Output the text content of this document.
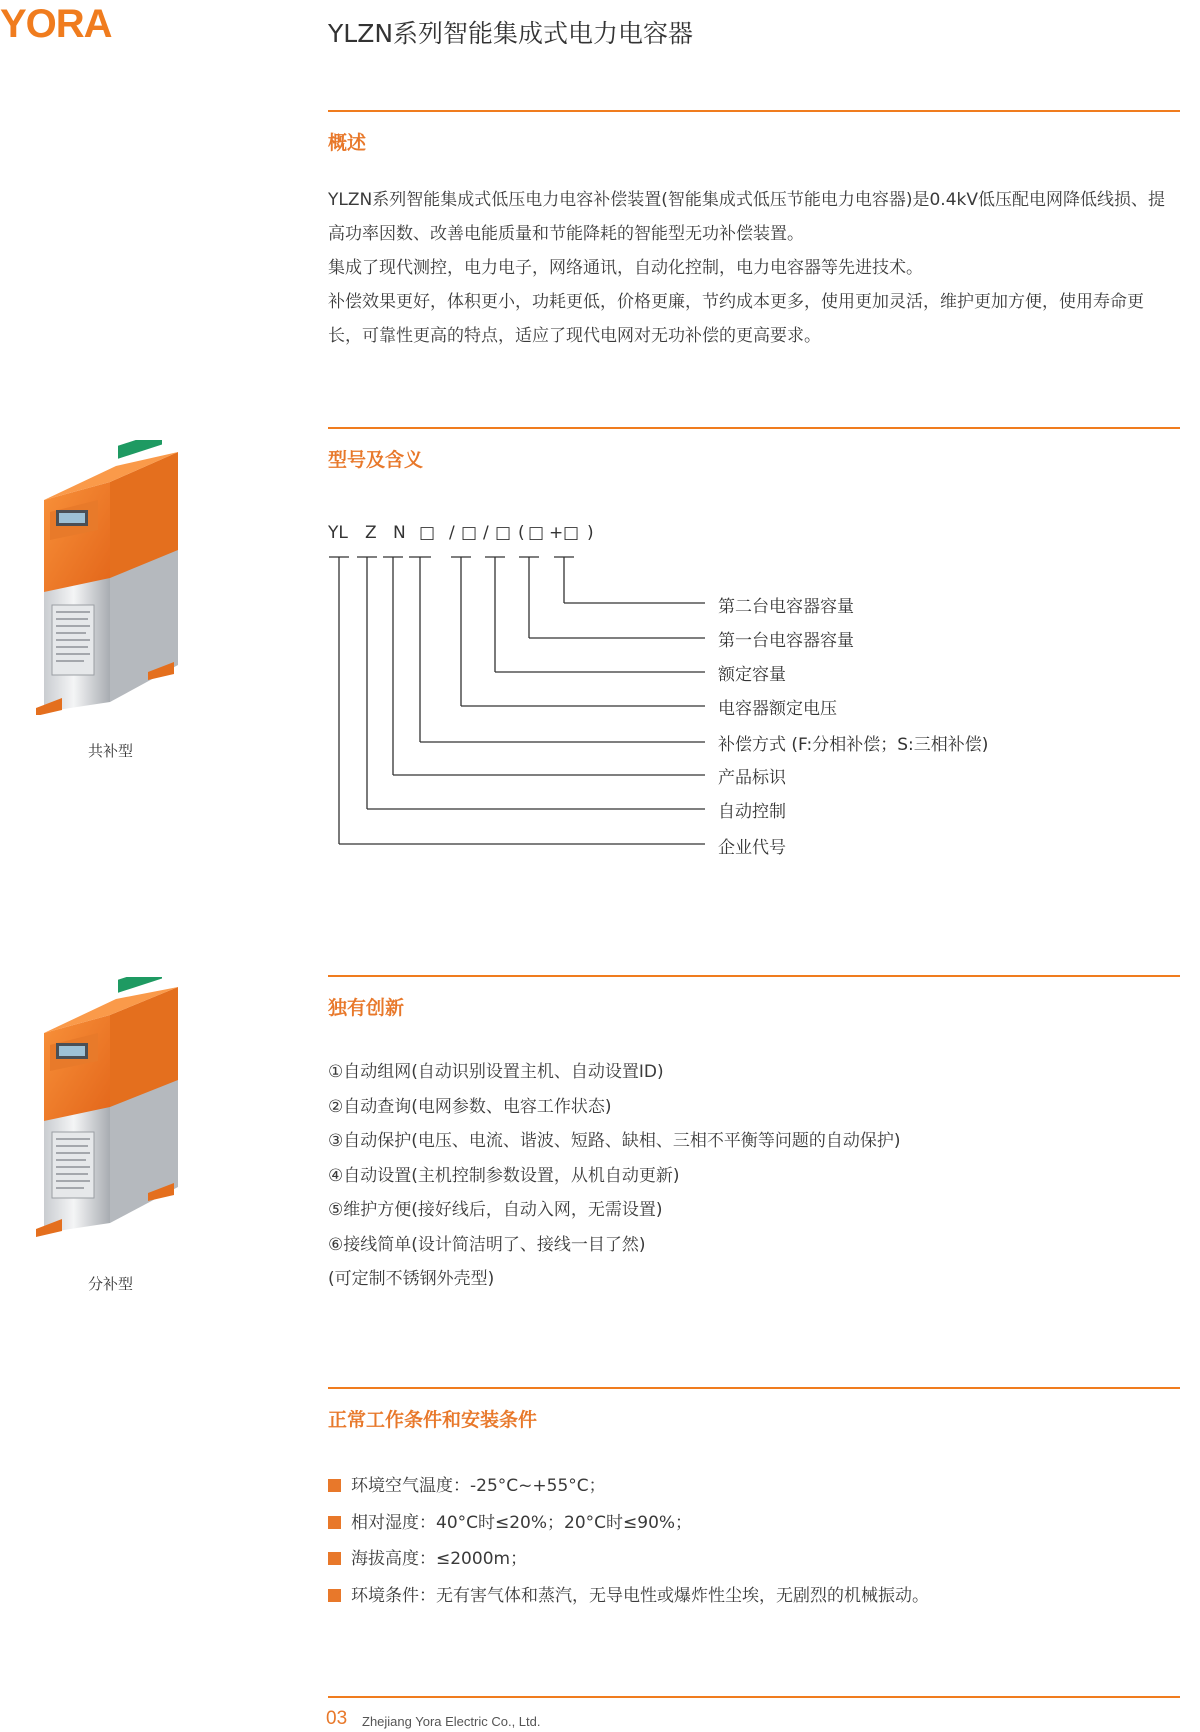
YORA	YLZN系列智能集成式电力电容器
概述

YLZN系列智能集成式低压电力电容补偿装置(智能集成式低压节能电力电容器)是0.4kV低压配电网降低线损、提高功率因数、改善电能质量和节能降耗的智能型无功补偿装置。

集成了现代测控，电力电子，网络通讯，自动化控制，电力电容器等先进技术。

补偿效果更好，体积更小，功耗更低，价格更廉，节约成本更多，使用更加灵活，维护更加方便，使用寿命更长，可靠性更高的特点，适应了现代电网对无功补偿的更高要求。

型号及含义
共补型
YL Z N □ / □ / □ ( □ + □ )
第二台电容器容量
第一台电容器容量
额定容量
电容器额定电压
补偿方式 (F:分相补偿；S:三相补偿)
产品标识
自动控制
企业代号
独有创新
分补型
①自动组网(自动识别设置主机、自动设置ID)
②自动查询(电网参数、电容工作状态)
③自动保护(电压、电流、谐波、短路、缺相、三相不平衡等问题的自动保护)
④自动设置(主机控制参数设置，从机自动更新)
⑤维护方便(接好线后，自动入网，无需设置)
⑥接线简单(设计简洁明了、接线一目了然)
(可定制不锈钢外壳型)
正常工作条件和安装条件
环境空气温度：-25°C~+55°C；
相对湿度：40°C时≤20%；20°C时≤90%；
海拔高度：≤2000m；
环境条件：无有害气体和蒸汽，无导电性或爆炸性尘埃，无剧烈的机械振动。
03 Zhejiang Yora Electric Co., Ltd.
